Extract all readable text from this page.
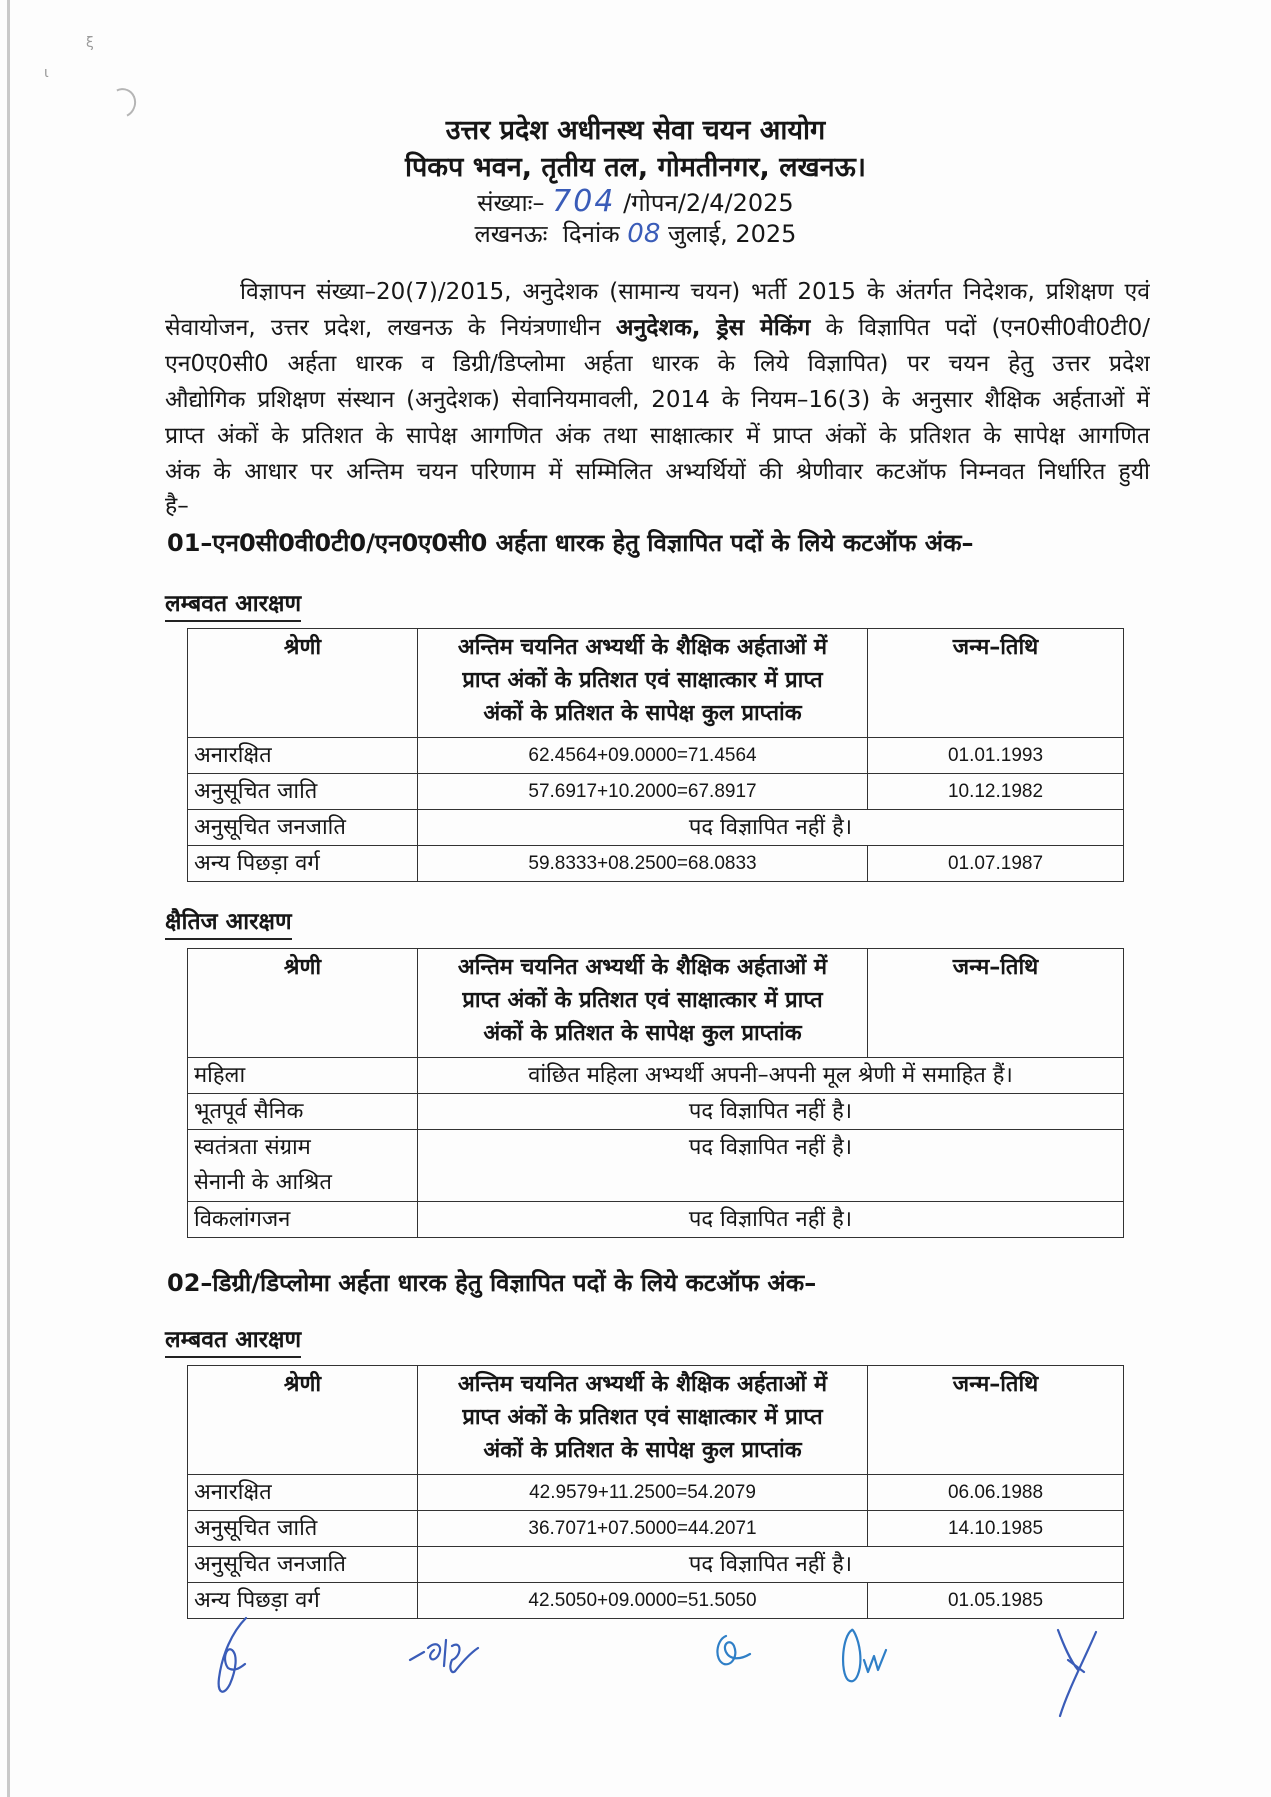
ξ
ι
उत्तर प्रदेश अधीनस्थ सेवा चयन आयोग
पिकप भवन, तृतीय तल, गोमतीनगर, लखनऊ।
संख्याः– 704 /गोपन/2/4/2025
लखनऊः दिनांक 08 जुलाई, 2025
विज्ञापन संख्या–20(7)/2015, अनुदेशक (सामान्य चयन) भर्ती 2015 के अंतर्गत निदेशक, प्रशिक्षण एवं
सेवायोजन, उत्तर प्रदेश, लखनऊ के नियंत्रणाधीन अनुदेशक, ड्रेस मेकिंग के विज्ञापित पदों (एन0सी0वी0टी0/
एन0ए0सी0 अर्हता धारक व डिग्री/डिप्लोमा अर्हता धारक के लिये विज्ञापित) पर चयन हेतु उत्तर प्रदेश
औद्योगिक प्रशिक्षण संस्थान (अनुदेशक) सेवानियमावली, 2014 के नियम–16(3) के अनुसार शैक्षिक अर्हताओं में
प्राप्त अंकों के प्रतिशत के सापेक्ष आगणित अंक तथा साक्षात्कार में प्राप्त अंकों के प्रतिशत के सापेक्ष आगणित
अंक के आधार पर अन्तिम चयन परिणाम में सम्मिलित अभ्यर्थियों की श्रेणीवार कटऑफ निम्नवत निर्धारित हुयी
है–
01–एन0सी0वी0टी0/एन0ए0सी0 अर्हता धारक हेतु विज्ञापित पदों के लिये कटऑफ अंक–
लम्बवत आरक्षण
श्रेणी	अन्तिम चयनित अभ्यर्थी के शैक्षिक अर्हताओं में
प्राप्त अंकों के प्रतिशत एवं साक्षात्कार में प्राप्त
अंकों के प्रतिशत के सापेक्ष कुल प्राप्तांक	जन्म–तिथि
अनारक्षित	62.4564+09.0000=71.4564	01.01.1993
अनुसूचित जाति	57.6917+10.2000=67.8917	10.12.1982
अनुसूचित जनजाति	पद विज्ञापित नहीं है।	
अन्य पिछड़ा वर्ग	59.8333+08.2500=68.0833	01.07.1987
क्षैतिज आरक्षण
श्रेणी	अन्तिम चयनित अभ्यर्थी के शैक्षिक अर्हताओं में
प्राप्त अंकों के प्रतिशत एवं साक्षात्कार में प्राप्त
अंकों के प्रतिशत के सापेक्ष कुल प्राप्तांक	जन्म–तिथि
महिला	वांछित महिला अभ्यर्थी अपनी–अपनी मूल श्रेणी में समाहित हैं।	
भूतपूर्व सैनिक	पद विज्ञापित नहीं है।	

स्वतंत्रता संग्राम
सेनानी के आश्रित	पद विज्ञापित नहीं है।	
विकलांगजन	पद विज्ञापित नहीं है।	
02–डिग्री/डिप्लोमा अर्हता धारक हेतु विज्ञापित पदों के लिये कटऑफ अंक–
लम्बवत आरक्षण
श्रेणी	अन्तिम चयनित अभ्यर्थी के शैक्षिक अर्हताओं में
प्राप्त अंकों के प्रतिशत एवं साक्षात्कार में प्राप्त
अंकों के प्रतिशत के सापेक्ष कुल प्राप्तांक	जन्म–तिथि
अनारक्षित	42.9579+11.2500=54.2079	06.06.1988
अनुसूचित जाति	36.7071+07.5000=44.2071	14.10.1985
अनुसूचित जनजाति	पद विज्ञापित नहीं है।	
अन्य पिछड़ा वर्ग	42.5050+09.0000=51.5050	01.05.1985
